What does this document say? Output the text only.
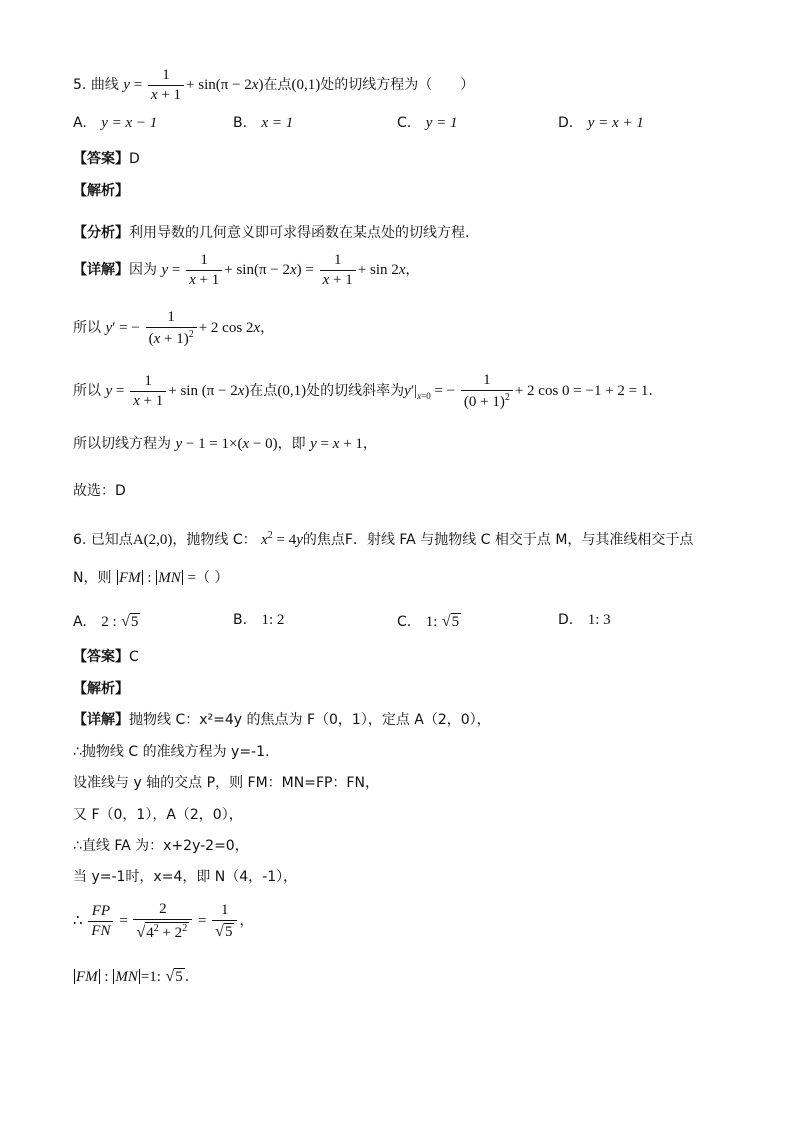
5. 曲线 $y = \frac{1}{x + 1} + \sin(\pi - 2x)$在点(0,1)处的切线方程为（　　）
A. y = x − 1	B. x = 1	C. y = 1	D. y = x + 1
【答案】D
【解析】
【分析】利用导数的几何意义即可求得函数在某点处的切线方程.
【详解】因为 $y = \frac{1}{x + 1} + \sin(\pi - 2x) = \frac{1}{x + 1} + \sin 2x$，
所以 y′ = − $\frac{1}{(x + 1)^2} + 2$ cos 2x，
所以 $y = \frac{1}{x + 1} + \sin (\pi - 2x)$在点(0,1)处的切线斜率为$y'|_{x=0}$ = − $\frac{1}{(0 + 1)^2} + 2$ cos 0 = −1 + 2 = 1.
所以切线方程为 y − 1 = 1×(x − 0)，即 y = x + 1，
故选：D
6. 已知点A(2,0)，抛物线 C： $x^2 = 4y$的焦点F．射线 FA 与抛物线 C 相交于点 M，与其准线相交于点
N，则 FM : MN =（ ）
A. 2 : √ 5	B. 1: 2	C. 1: √ 5	D. 1: 3
【答案】C
【解析】
【详解】抛物线 C：x²=4y 的焦点为 F（0，1），定点 A（2，0），
∴抛物线 C 的准线方程为 y=-1.
设准线与 y 轴的交点 P，则 FM：MN=FP：FN，
又 F（0，1），A（2，0），
∴直线 FA 为：x+2y-2=0，
当 y=-1时，x=4，即 N（4，-1），
∴ $\frac{FP}{FN} = \frac{2}{√ 4^2 + 2^2} = \frac{1}{√ 5}$ ，
FM : MN =1: √ 5 .
